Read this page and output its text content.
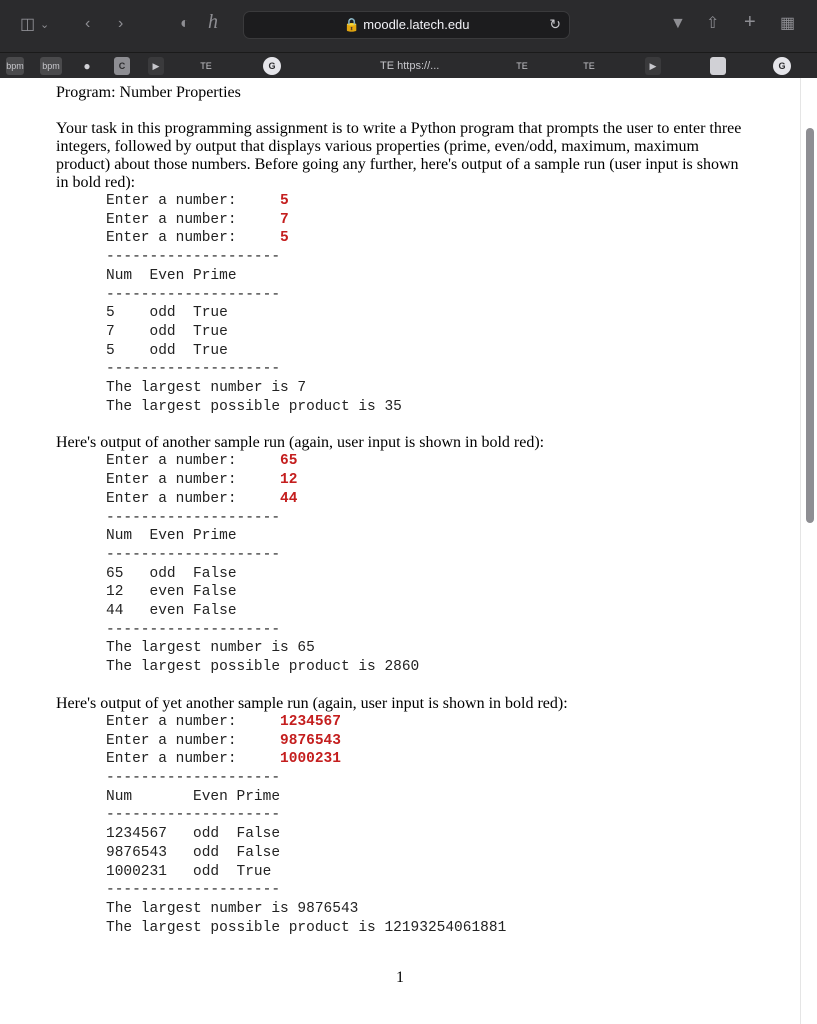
◫ ⌄ ‹ ›	◐ h	🔒 moodle.latech.edu	↻	▼ ⇧ + ▦
bpm bpm ●	C	▶	TE	G	TE https://...	TE	TE	▶	G

Program: Number Properties

Your task in this programming assignment is to write a Python program that prompts the user to enter three integers, followed by output that displays various properties (prime, even/odd, maximum, maximum product) about those numbers. Before going any further, here's output of a sample run (user input is shown in bold red):

Enter a number:	5
Enter a number:	7
Enter a number:	5
--------------------
Num  Even Prime
--------------------
5    odd  True
7    odd  True
5    odd  True
--------------------
The largest number is 7
The largest possible product is 35

Here's output of another sample run (again, user input is shown in bold red):

Enter a number:	65
Enter a number:	12
Enter a number:	44
--------------------
Num  Even Prime
--------------------
65   odd  False
12   even False
44   even False
--------------------
The largest number is 65
The largest possible product is 2860

Here's output of yet another sample run (again, user input is shown in bold red):

Enter a number:	1234567
Enter a number:	9876543
Enter a number:	1000231
--------------------
Num       Even Prime
--------------------
1234567   odd  False
9876543   odd  False
1000231   odd  True
--------------------
The largest number is 9876543
The largest possible product is 12193254061881
1
